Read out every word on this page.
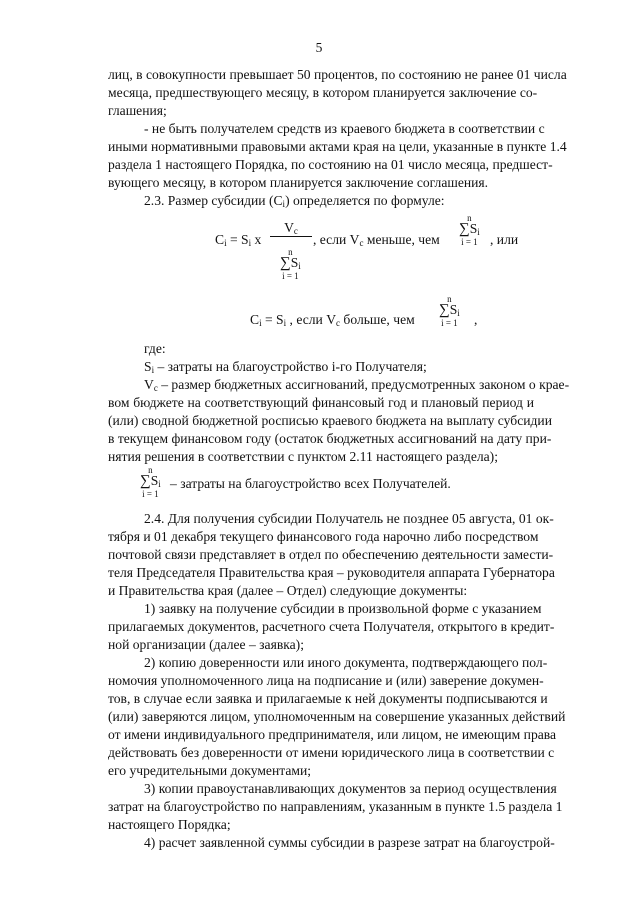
5

лиц, в совокупности превышает 50 процентов, по состоянию не ранее 01 числа

месяца, предшествующего месяцу, в котором планируется заключение со-

глашения;

- не быть получателем средств из краевого бюджета в соответствии с

иными нормативными правовыми актами края на цели, указанные в пункте 1.4

раздела 1 настоящего Порядка, по состоянию на 01 число месяца, предшест-

вующего месяцу, в котором планируется заключение соглашения.

2.3. Размер субсидии $(C_i)$ определяется по формуле:

$C_i = S_i$ x
$V_c$
n
$\sum S_i$
i = 1
, если $V_c$ меньше, чем
n
$\sum S_i$
i = 1 , или
$C_i = S_i$ , если $V_c$ больше, чем
n
$\sum S_i$
i = 1 ,

где:

$S_i$ – затраты на благоустройство i-го Получателя;

$V_c$ – размер бюджетных ассигнований, предусмотренных законом о крае-

вом бюджете на соответствующий финансовый год и плановый период и

(или) сводной бюджетной росписью краевого бюджета на выплату субсидии

в текущем финансовом году (остаток бюджетных ассигнований на дату при-

нятия решения в соответствии с пунктом 2.11 настоящего раздела);

n
$\sum S_i$
i = 1
– затраты на благоустройство всех Получателей.

2.4. Для получения субсидии Получатель не позднее 05 августа, 01 ок-

тября и 01 декабря текущего финансового года нарочно либо посредством

почтовой связи представляет в отдел по обеспечению деятельности замести-

теля Председателя Правительства края – руководителя аппарата Губернатора

и Правительства края (далее – Отдел) следующие документы:

1) заявку на получение субсидии в произвольной форме с указанием

прилагаемых документов, расчетного счета Получателя, открытого в кредит-

ной организации (далее – заявка);

2) копию доверенности или иного документа, подтверждающего пол-

номочия уполномоченного лица на подписание и (или) заверение докумен-

тов, в случае если заявка и прилагаемые к ней документы подписываются и

(или) заверяются лицом, уполномоченным на совершение указанных действий

от имени индивидуального предпринимателя, или лицом, не имеющим права

действовать без доверенности от имени юридического лица в соответствии с

его учредительными документами;

3) копии правоустанавливающих документов за период осуществления

затрат на благоустройство по направлениям, указанным в пункте 1.5 раздела 1

настоящего Порядка;

4) расчет заявленной суммы субсидии в разрезе затрат на благоустрой-
